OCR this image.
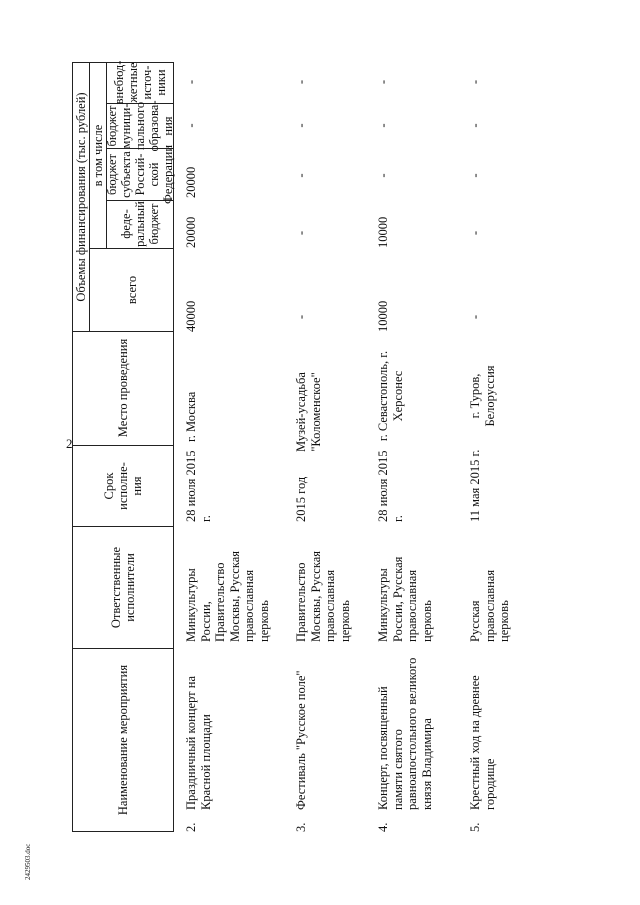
2
Наименование мероприятия
Ответственные исполнители
Срок исполне-ния
Место проведения
Объемы финансирования (тыс. рублей)	всего
в том числе
феде-ральный бюджет
бюджет субъекта Россий-ской Федерации
бюджет муници-пального образова-ния
внебюд-жетные источ-ники
2.
Праздничный концерт на Красной площади
Минкультуры России, Правительство Москвы, Русская православная церковь
28 июля 2015 г.
г. Москва
40000
20000
20000
-
-
3.
Фестиваль "Русское поле"
Правительство Москвы, Русская православная церковь
2015 год
Музей-усадьба "Коломенское"
-
-
-
-
-
4.
Концерт, посвященный памяти святого равноапостольного великого князя Владимира
Минкультуры России, Русская православная церковь
28 июля 2015 г.
г. Севастополь, г. Херсонес
10000
10000
-
-
-
5.
Крестный ход на древнее городище
Русская православная церковь
11 мая 2015 г.
г. Туров, Белоруссия
-
-
-
-
-
2429503.doc
